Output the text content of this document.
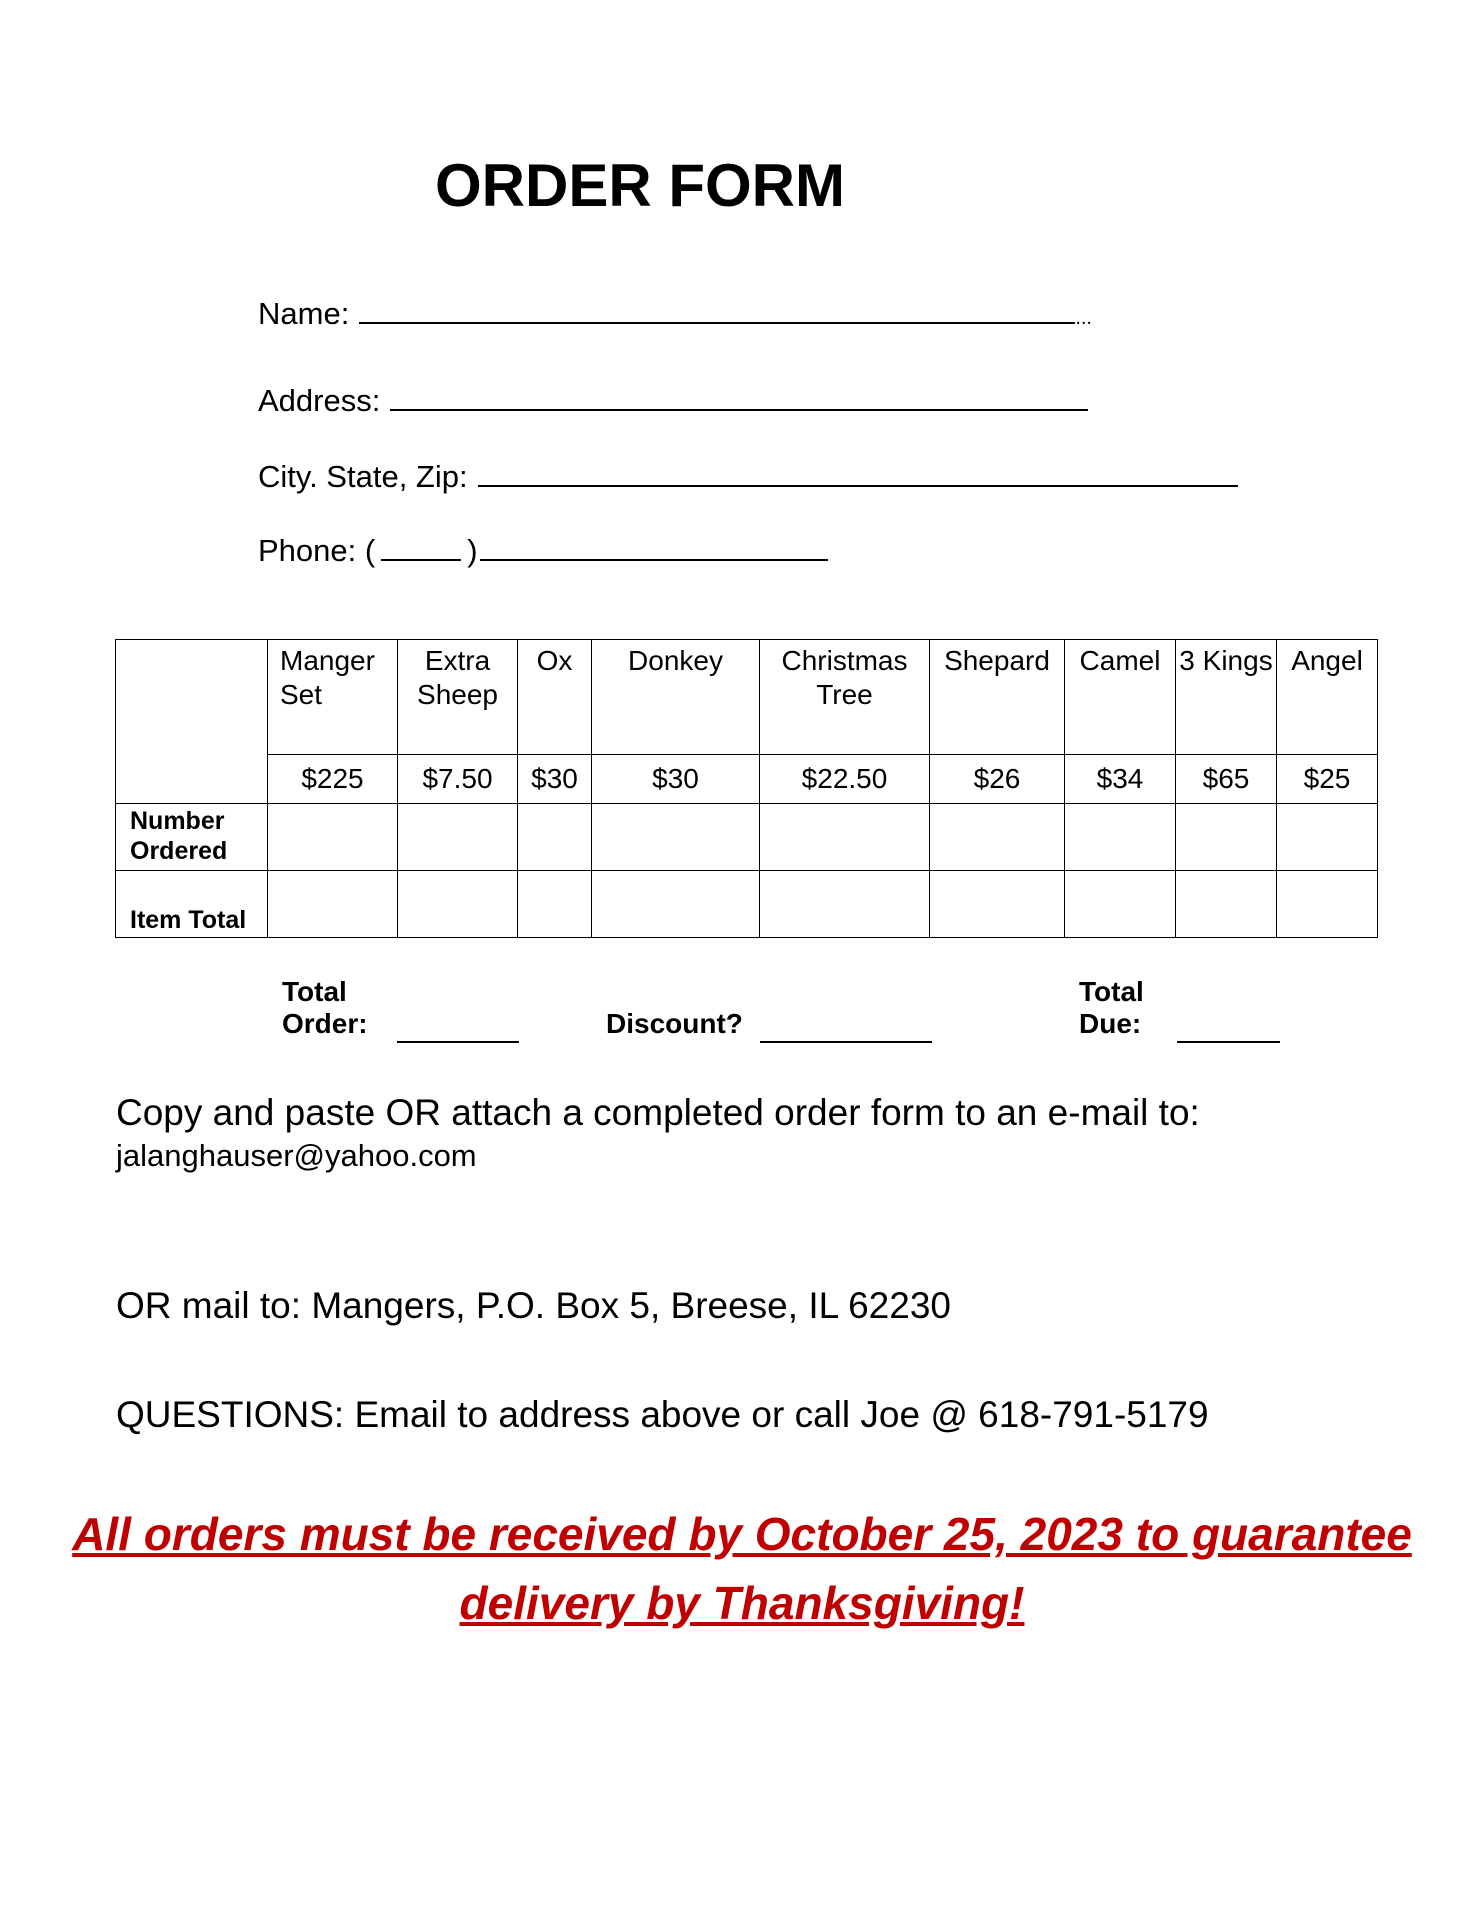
ORDER FORM
Name:	...
Address:
City. State, Zip:
Phone: (	)
	Manger Set	Extra Sheep	Ox	Donkey	Christmas Tree	Shepard	Camel	3 Kings	Angel
	$225	$7.50	$30	$30	$22.50	$26	$34	$65	$25
Number Ordered									
Item Total									
Total Order:	Discount?
Total Due:
Copy and paste OR attach a completed order form to an e-mail to:
jalanghauser@yahoo.com
OR mail to: Mangers, P.O. Box 5, Breese, IL 62230
QUESTIONS: Email to address above or call Joe @ 618-791-5179
All orders must be received by October 25, 2023 to guarantee delivery by Thanksgiving!
